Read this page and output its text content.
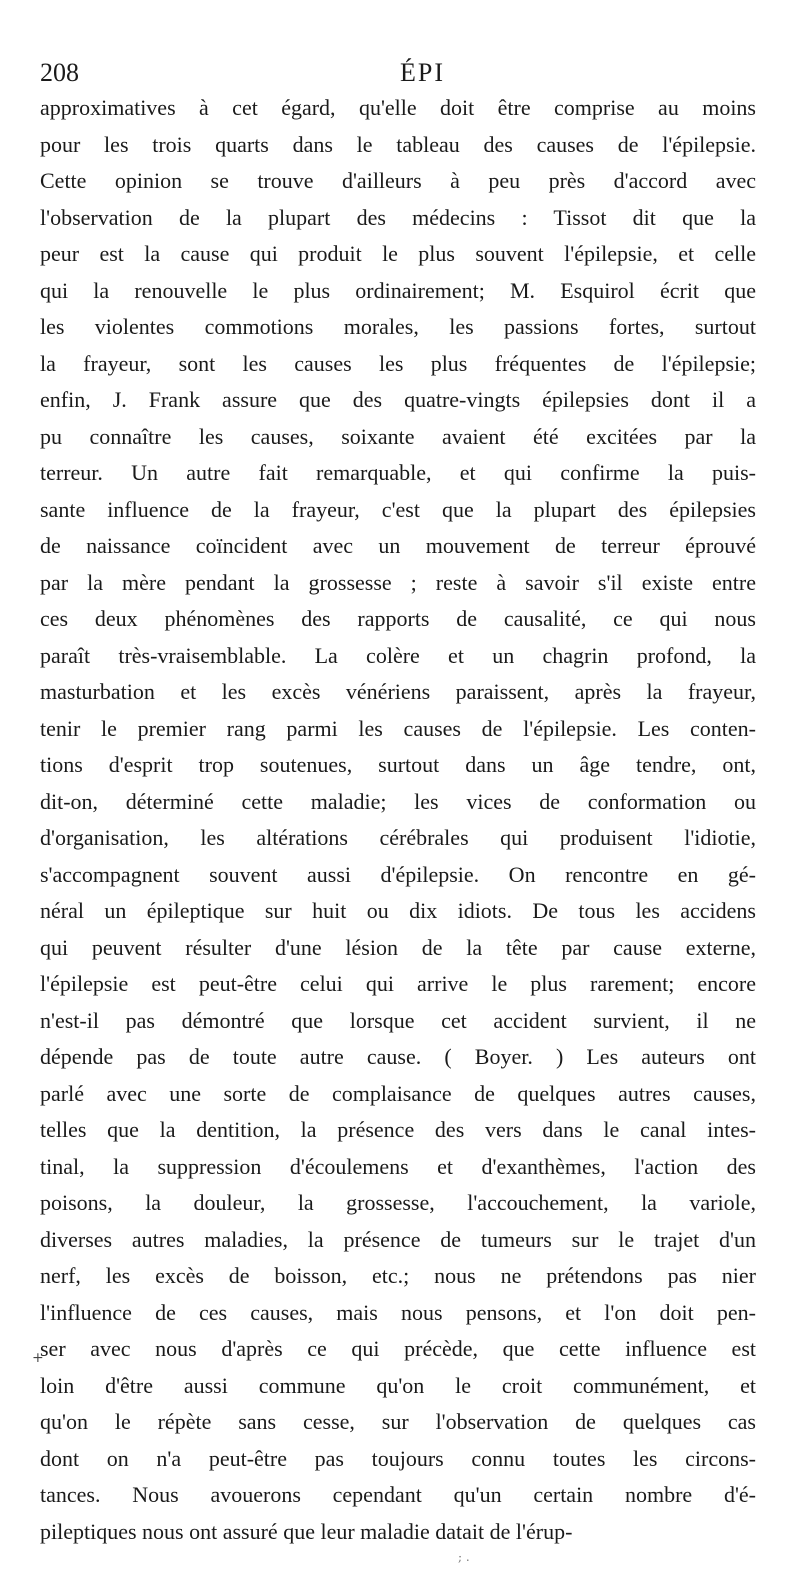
208	ÉPI
approximatives à cet égard, qu'elle doit être comprise au moins
pour les trois quarts dans le tableau des causes de l'épilepsie.
Cette opinion se trouve d'ailleurs à peu près d'accord avec
l'observation de la plupart des médecins : Tissot dit que la
peur est la cause qui produit le plus souvent l'épilepsie, et celle
qui la renouvelle le plus ordinairement; M. Esquirol écrit que
les violentes commotions morales, les passions fortes, surtout
la frayeur, sont les causes les plus fréquentes de l'épilepsie;
enfin, J. Frank assure que des quatre-vingts épilepsies dont il a
pu connaître les causes, soixante avaient été excitées par la
terreur. Un autre fait remarquable, et qui confirme la puis-
sante influence de la frayeur, c'est que la plupart des épilepsies
de naissance coïncident avec un mouvement de terreur éprouvé
par la mère pendant la grossesse ; reste à savoir s'il existe entre
ces deux phénomènes des rapports de causalité, ce qui nous
paraît très-vraisemblable. La colère et un chagrin profond, la
masturbation et les excès vénériens paraissent, après la frayeur,
tenir le premier rang parmi les causes de l'épilepsie. Les conten-
tions d'esprit trop soutenues, surtout dans un âge tendre, ont,
dit-on, déterminé cette maladie; les vices de conformation ou
d'organisation, les altérations cérébrales qui produisent l'idiotie,
s'accompagnent souvent aussi d'épilepsie. On rencontre en gé-
néral un épileptique sur huit ou dix idiots. De tous les accidens
qui peuvent résulter d'une lésion de la tête par cause externe,
l'épilepsie est peut-être celui qui arrive le plus rarement; encore
n'est-il pas démontré que lorsque cet accident survient, il ne
dépende pas de toute autre cause. ( Boyer. ) Les auteurs ont
parlé avec une sorte de complaisance de quelques autres causes,
telles que la dentition, la présence des vers dans le canal intes-
tinal, la suppression d'écoulemens et d'exanthèmes, l'action des
poisons, la douleur, la grossesse, l'accouchement, la variole,
diverses autres maladies, la présence de tumeurs sur le trajet d'un
nerf, les excès de boisson, etc.; nous ne prétendons pas nier
l'influence de ces causes, mais nous pensons, et l'on doit pen-
ser avec nous d'après ce qui précède, que cette influence est
loin d'être aussi commune qu'on le croit communément, et
qu'on le répète sans cesse, sur l'observation de quelques cas
dont on n'a peut-être pas toujours connu toutes les circons-
tances. Nous avouerons cependant qu'un certain nombre d'é-
pileptiques nous ont assuré que leur maladie datait de l'érup-
+
; .
